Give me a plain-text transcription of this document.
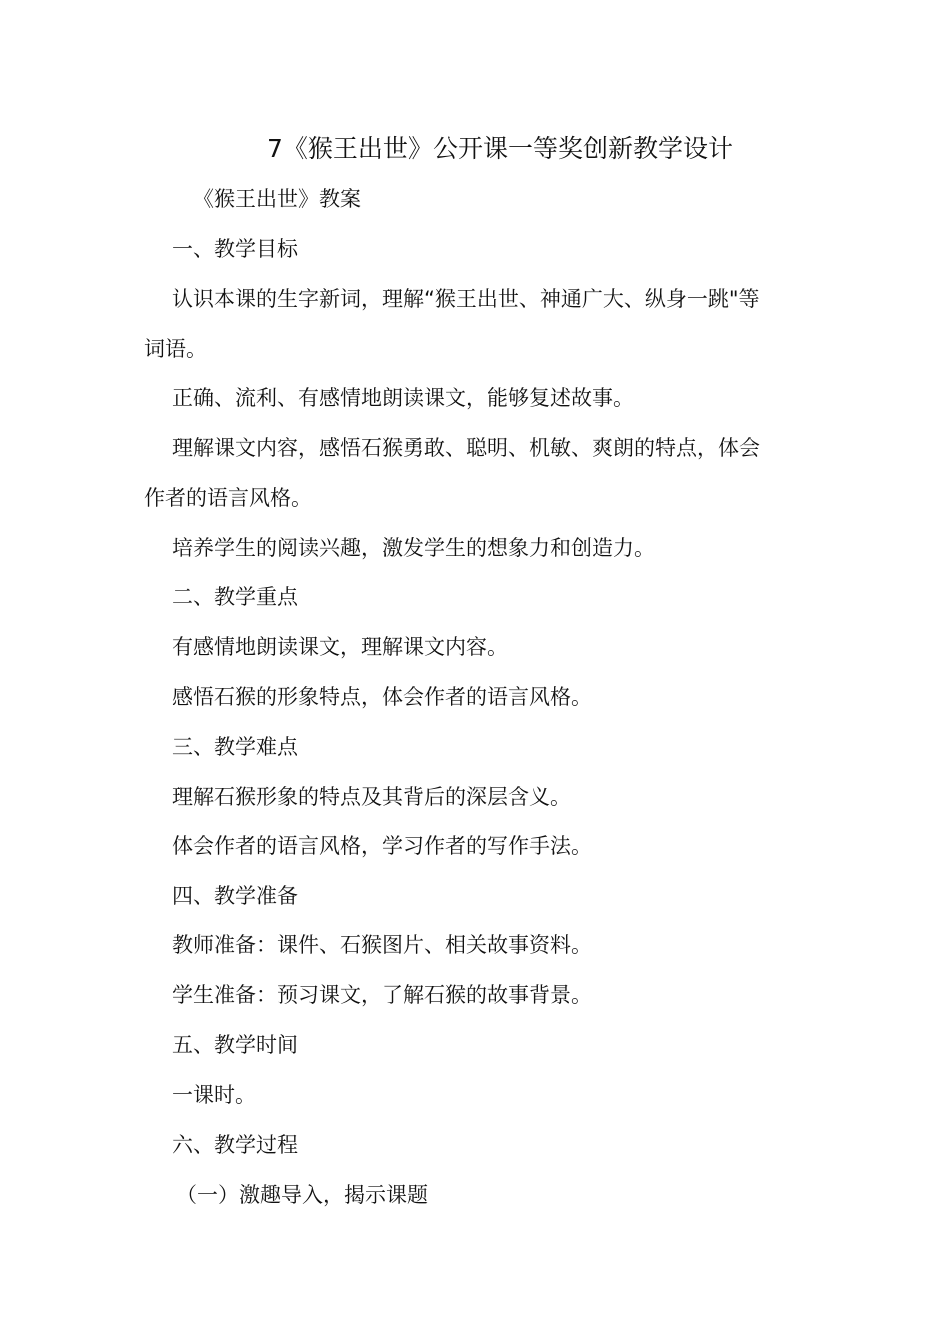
7《猴王出世》公开课一等奖创新教学设计
《猴王出世》教案
一、教学目标
认识本课的生字新词，理解“猴王出世、神通广大、纵身一跳"等
词语。
正确、流利、有感情地朗读课文，能够复述故事。
理解课文内容，感悟石猴勇敢、聪明、机敏、爽朗的特点，体会
作者的语言风格。
培养学生的阅读兴趣，激发学生的想象力和创造力。
二、教学重点
有感情地朗读课文，理解课文内容。
感悟石猴的形象特点，体会作者的语言风格。
三、教学难点
理解石猴形象的特点及其背后的深层含义。
体会作者的语言风格，学习作者的写作手法。
四、教学准备
教师准备：课件、石猴图片、相关故事资料。
学生准备：预习课文，了解石猴的故事背景。
五、教学时间
一课时。
六、教学过程
（一）激趣导入，揭示课题
